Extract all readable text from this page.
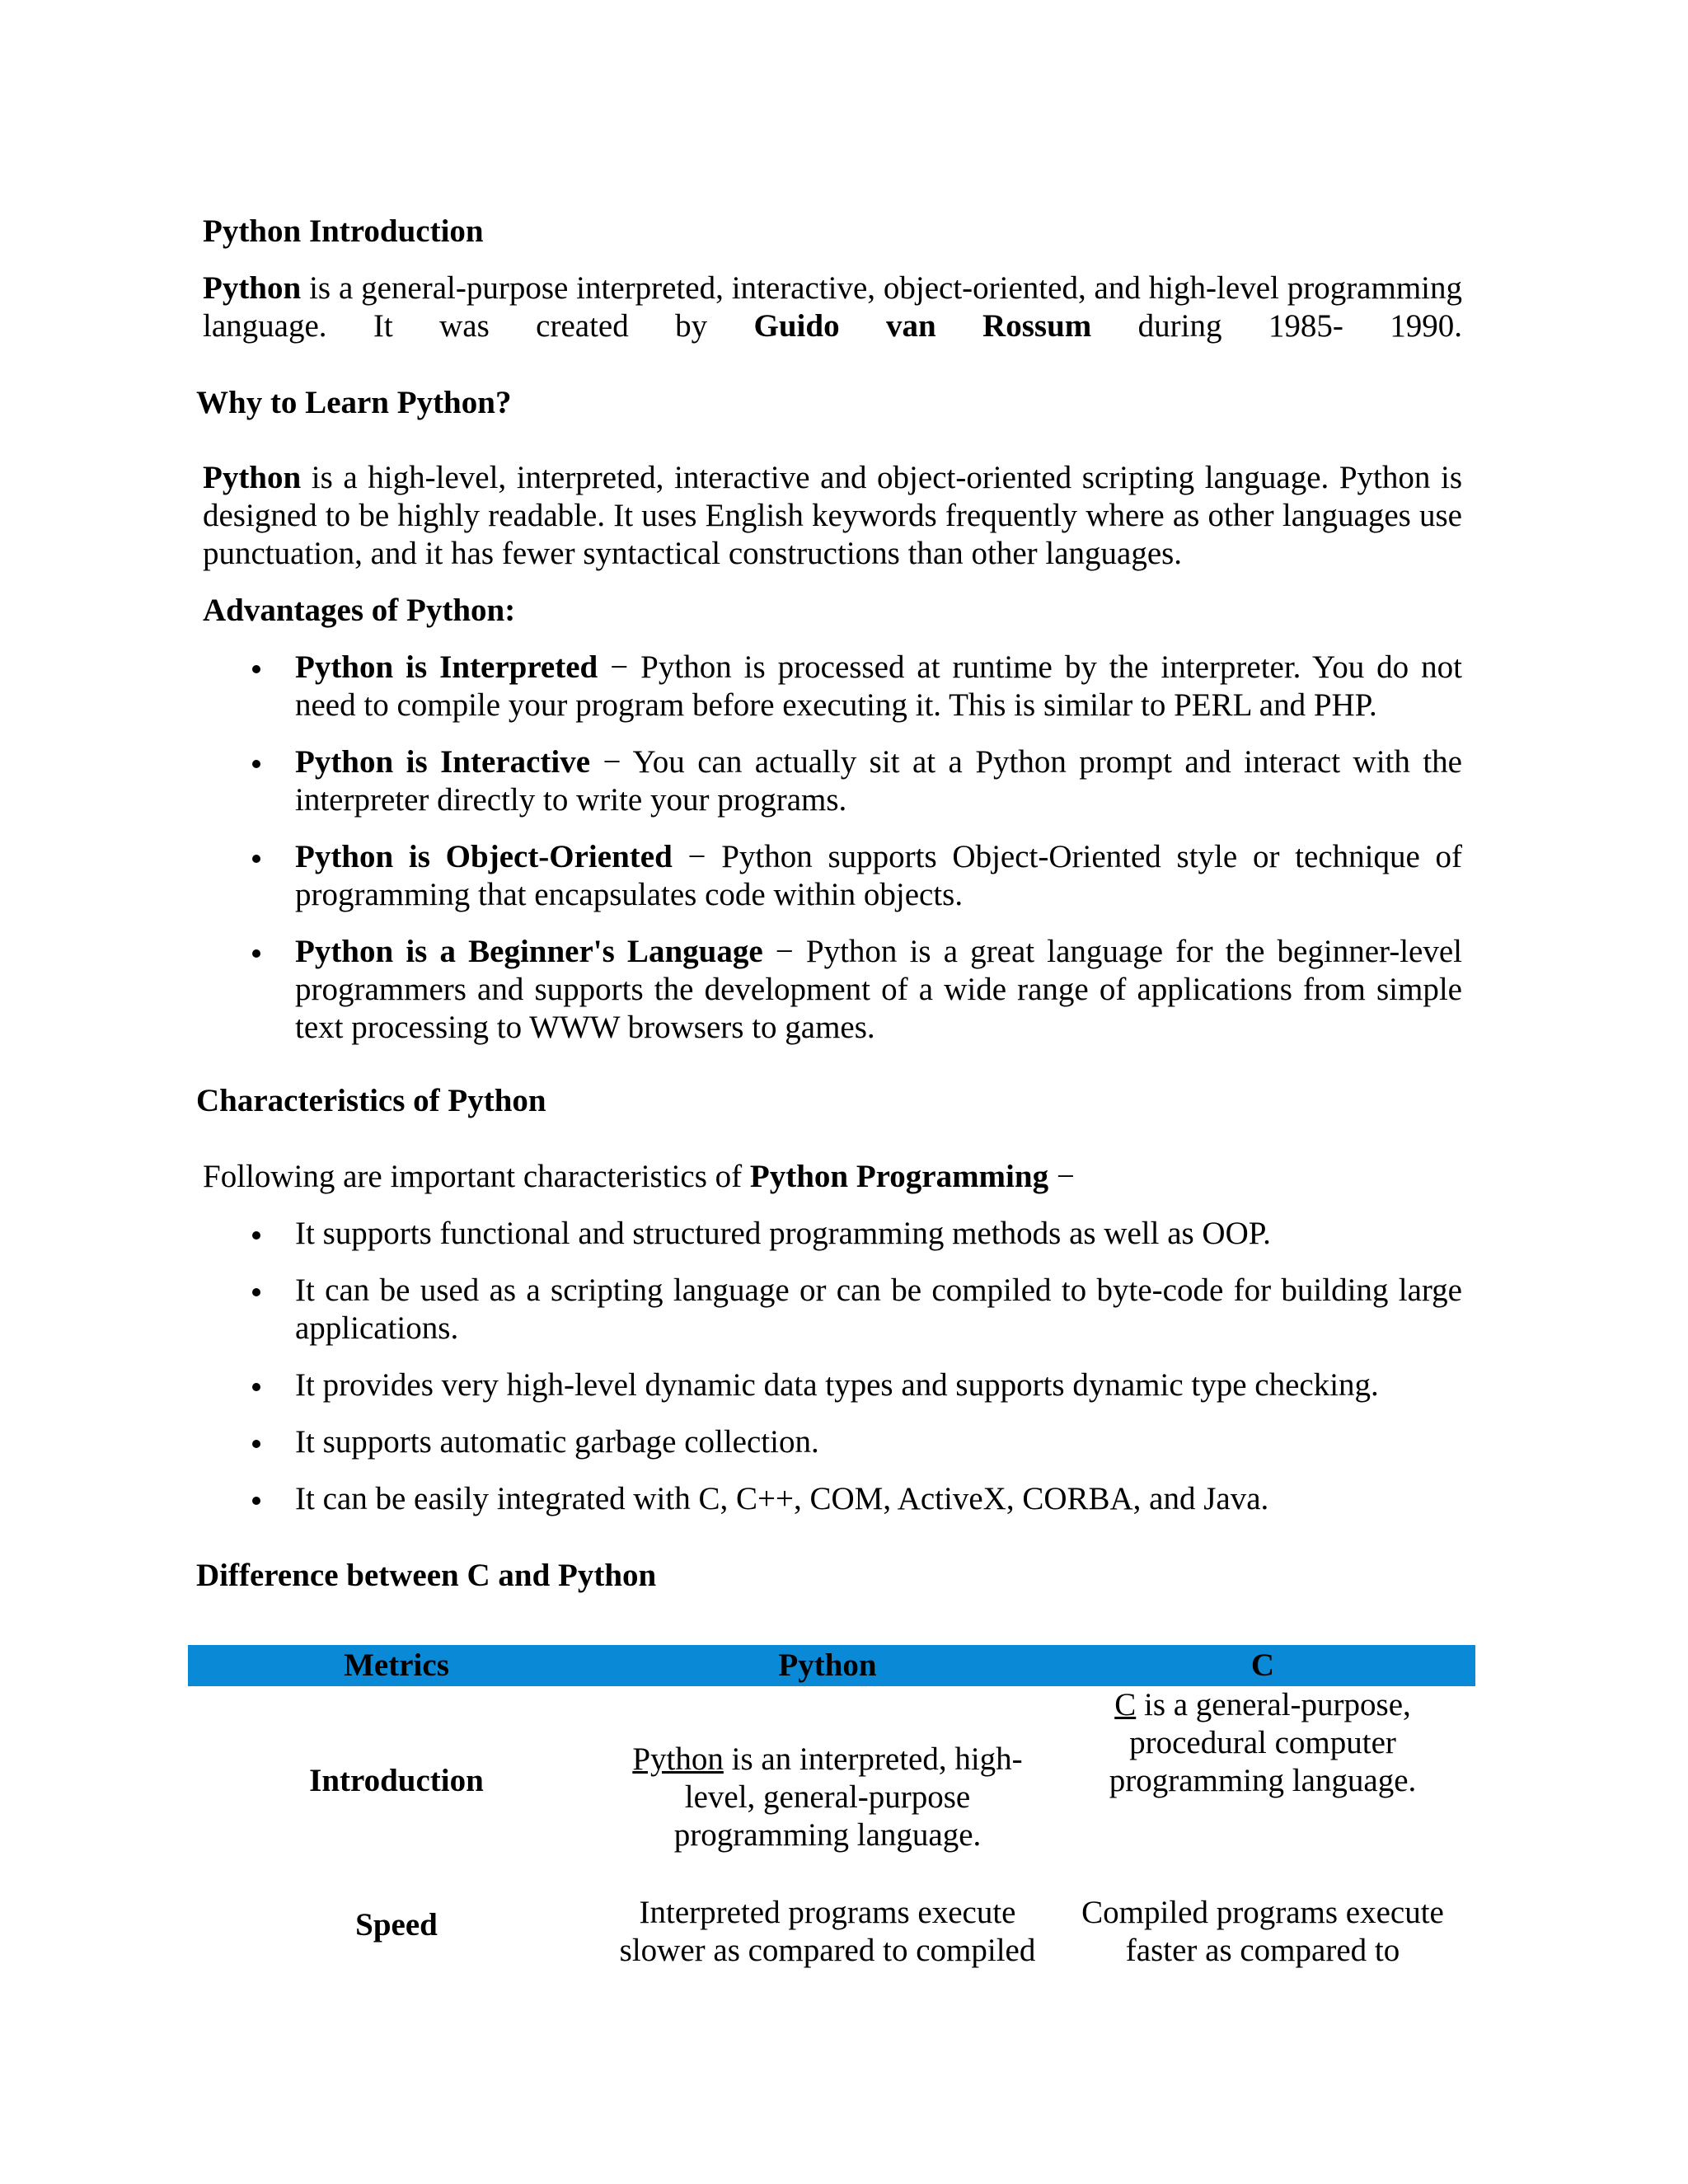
Python Introduction
Python is a general-purpose interpreted, interactive, object-oriented, and high-level programming language. It was created by Guido van Rossum during 1985- 1990.
Why to Learn Python?
Python is a high-level, interpreted, interactive and object-oriented scripting language. Python is designed to be highly readable. It uses English keywords frequently where as other languages use punctuation, and it has fewer syntactical constructions than other languages.
Advantages of Python:
Python is Interpreted − Python is processed at runtime by the interpreter. You do not need to compile your program before executing it. This is similar to PERL and PHP.
Python is Interactive − You can actually sit at a Python prompt and interact with the interpreter directly to write your programs.
Python is Object-Oriented − Python supports Object-Oriented style or technique of programming that encapsulates code within objects.
Python is a Beginner's Language − Python is a great language for the beginner-level programmers and supports the development of a wide range of applications from simple text processing to WWW browsers to games.
Characteristics of Python
Following are important characteristics of Python Programming −
It supports functional and structured programming methods as well as OOP.
It can be used as a scripting language or can be compiled to byte-code for building large applications.
It provides very high-level dynamic data types and supports dynamic type checking.
It supports automatic garbage collection.
It can be easily integrated with C, C++, COM, ActiveX, CORBA, and Java.
Difference between C and Python
Metrics	Python	C
Introduction	Python is an interpreted, high-level, general-purpose programming language.	C is a general-purpose, procedural computer programming language.
Speed	Interpreted programs execute slower as compared to compiled	Compiled programs execute faster as compared to
